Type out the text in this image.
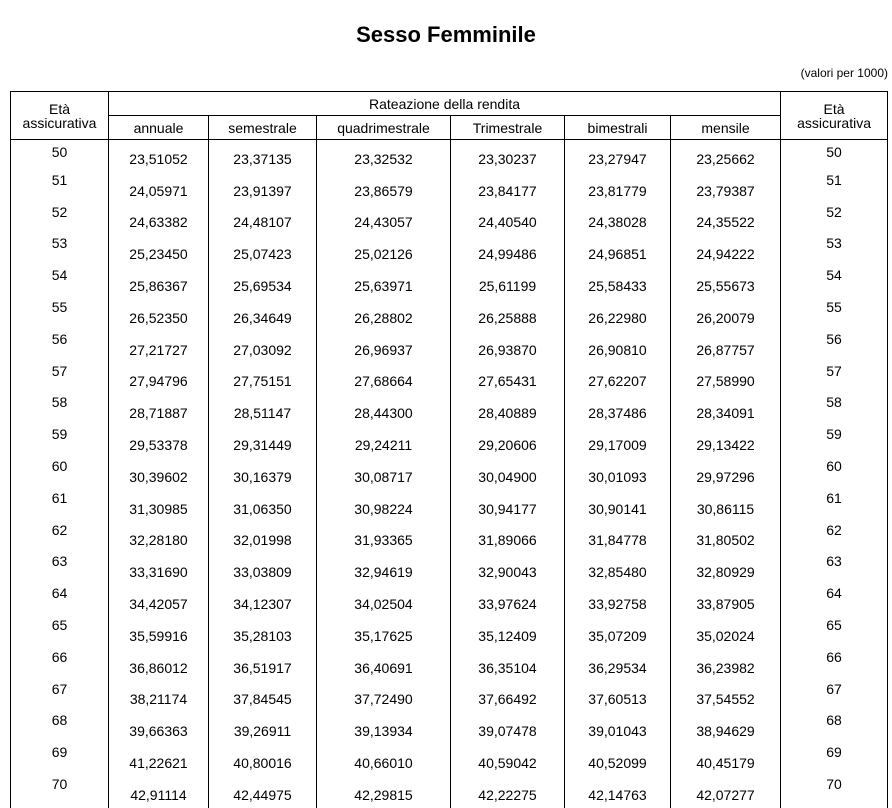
Sesso Femminile
(valori per 1000)
Età
assicurativa	Rateazione della rendita						Età
assicurativa
	annuale	semestrale	quadrimestrale	Trimestrale	bimestrali	mensile	
50	23,51052	23,37135	23,32532	23,30237	23,27947	23,25662	50
51	24,05971	23,91397	23,86579	23,84177	23,81779	23,79387	51
52	24,63382	24,48107	24,43057	24,40540	24,38028	24,35522	52
53	25,23450	25,07423	25,02126	24,99486	24,96851	24,94222	53
54	25,86367	25,69534	25,63971	25,61199	25,58433	25,55673	54
55	26,52350	26,34649	26,28802	26,25888	26,22980	26,20079	55
56	27,21727	27,03092	26,96937	26,93870	26,90810	26,87757	56
57	27,94796	27,75151	27,68664	27,65431	27,62207	27,58990	57
58	28,71887	28,51147	28,44300	28,40889	28,37486	28,34091	58
59	29,53378	29,31449	29,24211	29,20606	29,17009	29,13422	59
60	30,39602	30,16379	30,08717	30,04900	30,01093	29,97296	60
61	31,30985	31,06350	30,98224	30,94177	30,90141	30,86115	61
62	32,28180	32,01998	31,93365	31,89066	31,84778	31,80502	62
63	33,31690	33,03809	32,94619	32,90043	32,85480	32,80929	63
64	34,42057	34,12307	34,02504	33,97624	33,92758	33,87905	64
65	35,59916	35,28103	35,17625	35,12409	35,07209	35,02024	65
66	36,86012	36,51917	36,40691	36,35104	36,29534	36,23982	66
67	38,21174	37,84545	37,72490	37,66492	37,60513	37,54552	67
68	39,66363	39,26911	39,13934	39,07478	39,01043	38,94629	68
69	41,22621	40,80016	40,66010	40,59042	40,52099	40,45179	69
70	42,91114	42,44975	42,29815	42,22275	42,14763	42,07277	70
